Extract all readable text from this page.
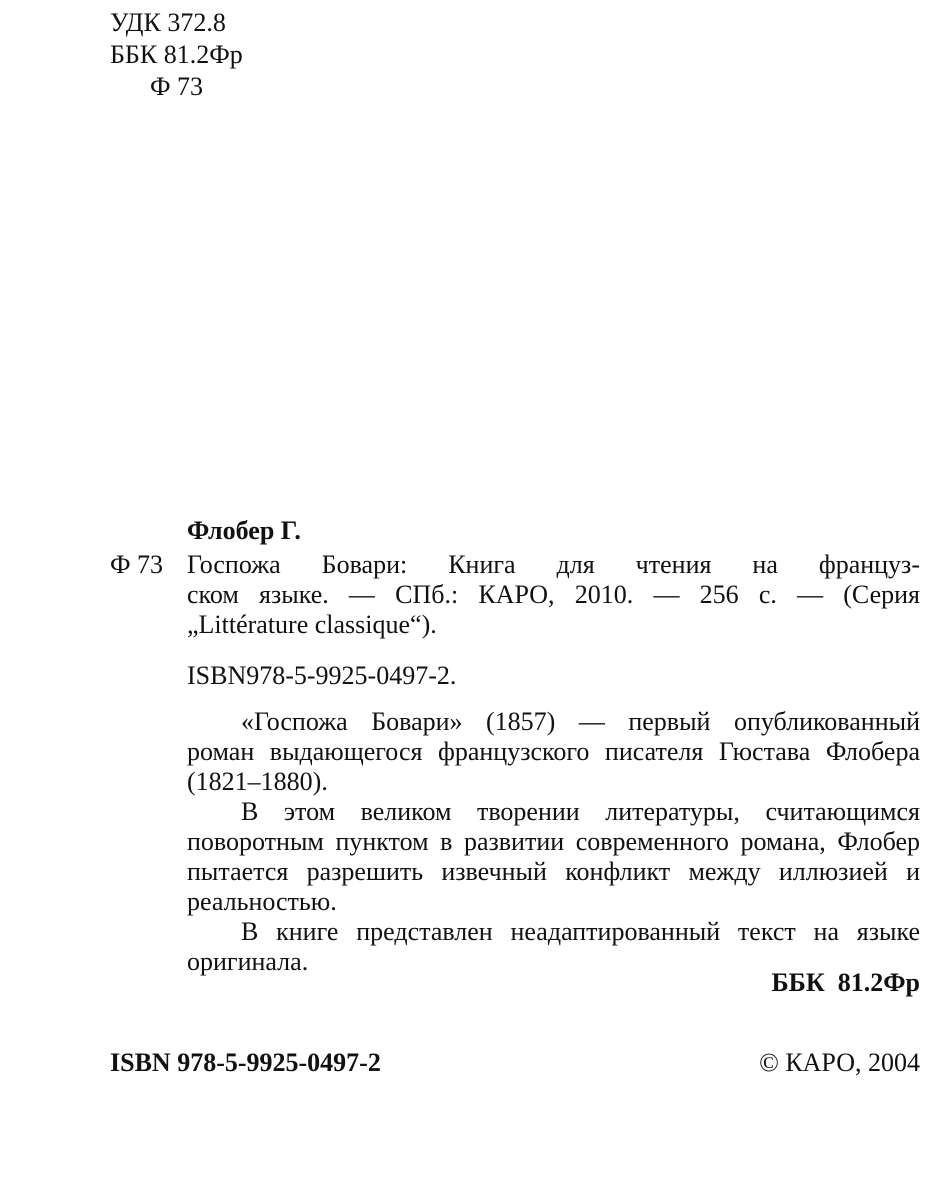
УДК 372.8
ББК 81.2Фр
Ф 73
Флобер Г.
Ф 73 Госпожа Бовари: Книга для чтения на француз-
ском языке. — СПб.: КАРО, 2010. — 256 с. — (Серия
„Littérature classique“).
ISBN978-5-9925-0497-2.
«Госпожа Бовари» (1857) — первый опубликованный
роман выдающегося французского писателя Гюстава Флобера
(1821–1880).
В этом великом творении литературы, считающимся
поворотным пунктом в развитии современного романа, Флобер
пытается разрешить извечный конфликт между иллюзией и
реальностью.
В книге представлен неадаптированный текст на языке
оригинала.
ББК  81.2Фр
ISBN 978-5-9925-0497-2	© КАРО, 2004
